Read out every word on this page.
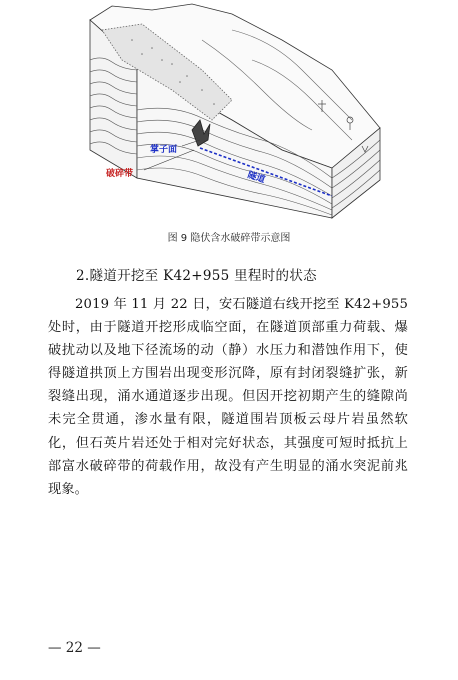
掌子面
隧道
破碎带
图 9 隐伏含水破碎带示意图
2.隧道开挖至 K42+955 里程时的状态
2019 年 11 月 22 日，安石隧道右线开挖至 K42+955 处时，由于隧道开挖形成临空面，在隧道顶部重力荷载、爆破扰动以及地下径流场的动（静）水压力和潜蚀作用下，使得隧道拱顶上方围岩出现变形沉降，原有封闭裂缝扩张，新裂缝出现，涌水通道逐步出现。但因开挖初期产生的缝隙尚未完全贯通，渗水量有限，隧道围岩顶板云母片岩虽然软化，但石英片岩还处于相对完好状态，其强度可短时抵抗上部富水破碎带的荷载作用，故没有产生明显的涌水突泥前兆现象。
— 22 —
